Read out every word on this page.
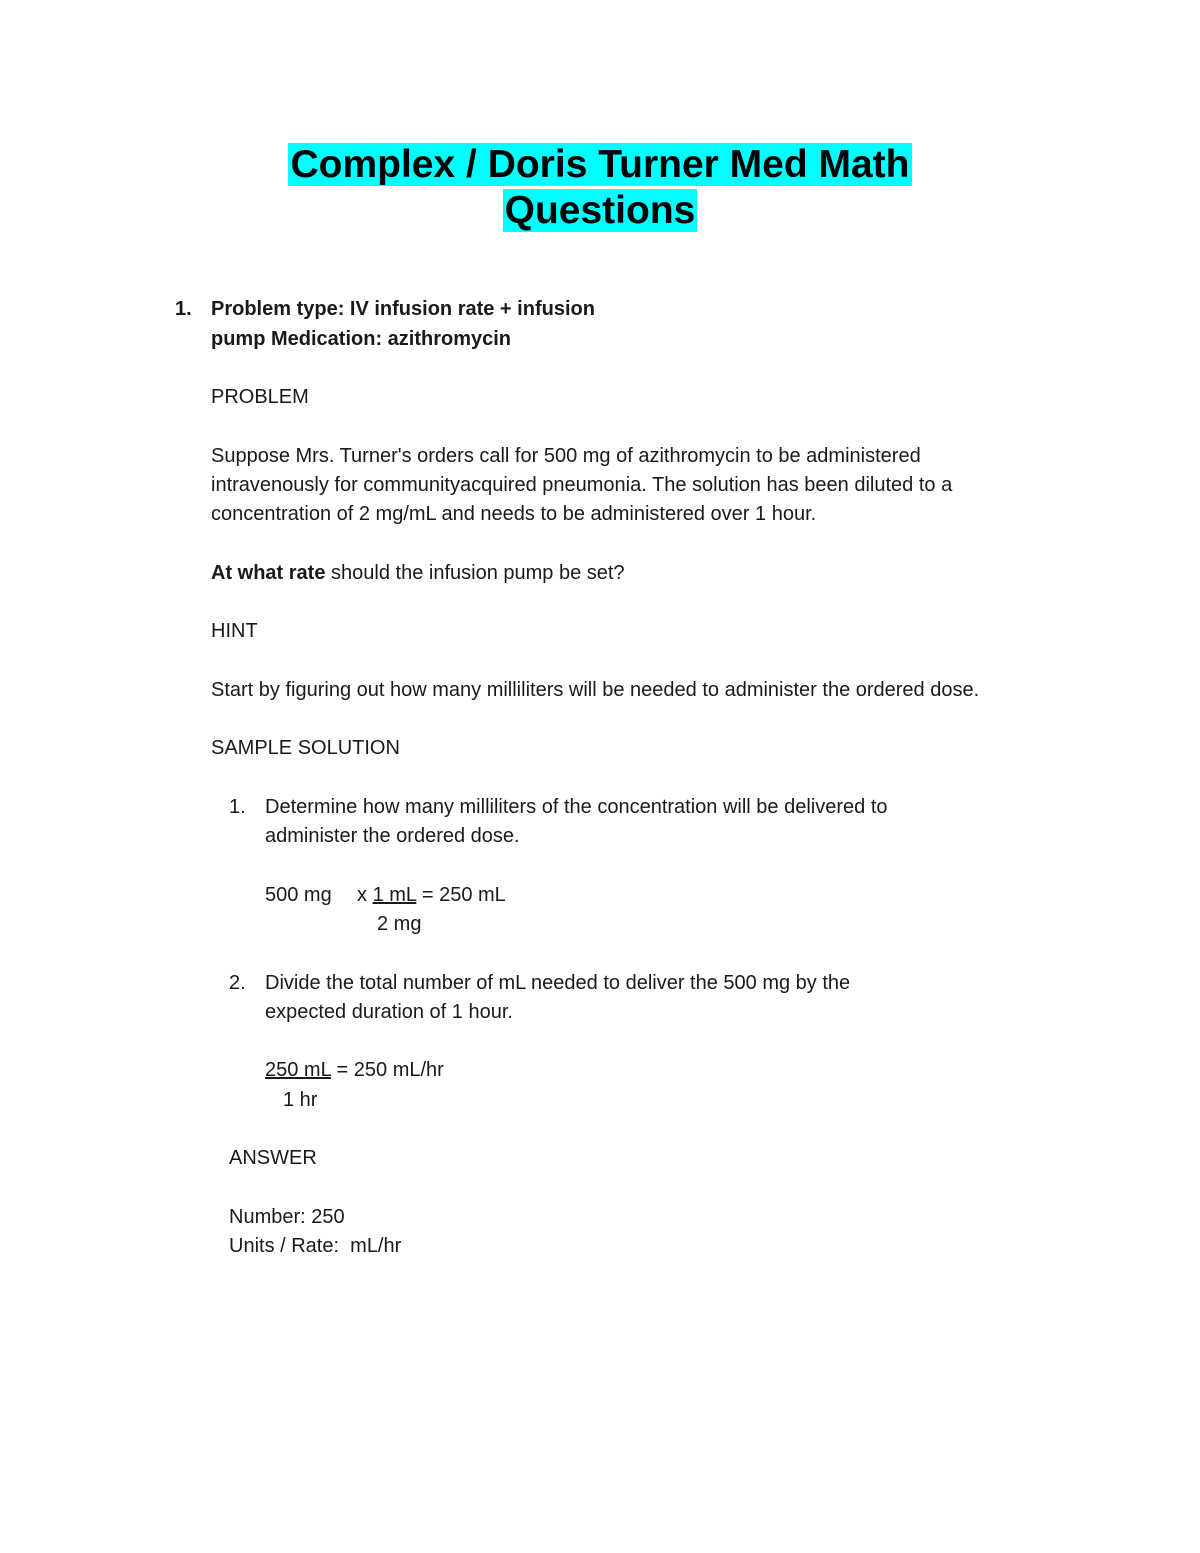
Complex / Doris Turner Med Math
Questions
1. Problem type: IV infusion rate + infusion
pump Medication: azithromycin
PROBLEM
Suppose Mrs. Turner's orders call for 500 mg of azithromycin to be administered
intravenously for communityacquired pneumonia. The solution has been diluted to a
concentration of 2 mg/mL and needs to be administered over 1 hour.
At what rate should the infusion pump be set?
HINT
Start by figuring out how many milliliters will be needed to administer the ordered dose.
SAMPLE SOLUTION
1. Determine how many milliliters of the concentration will be delivered to
administer the ordered dose.
500 mg x 1 mL = 250 mL
2 mg
2. Divide the total number of mL needed to deliver the 500 mg by the
expected duration of 1 hour.
250 mL = 250 mL/hr
1 hr
ANSWER
Number: 250
Units / Rate:  mL/hr
